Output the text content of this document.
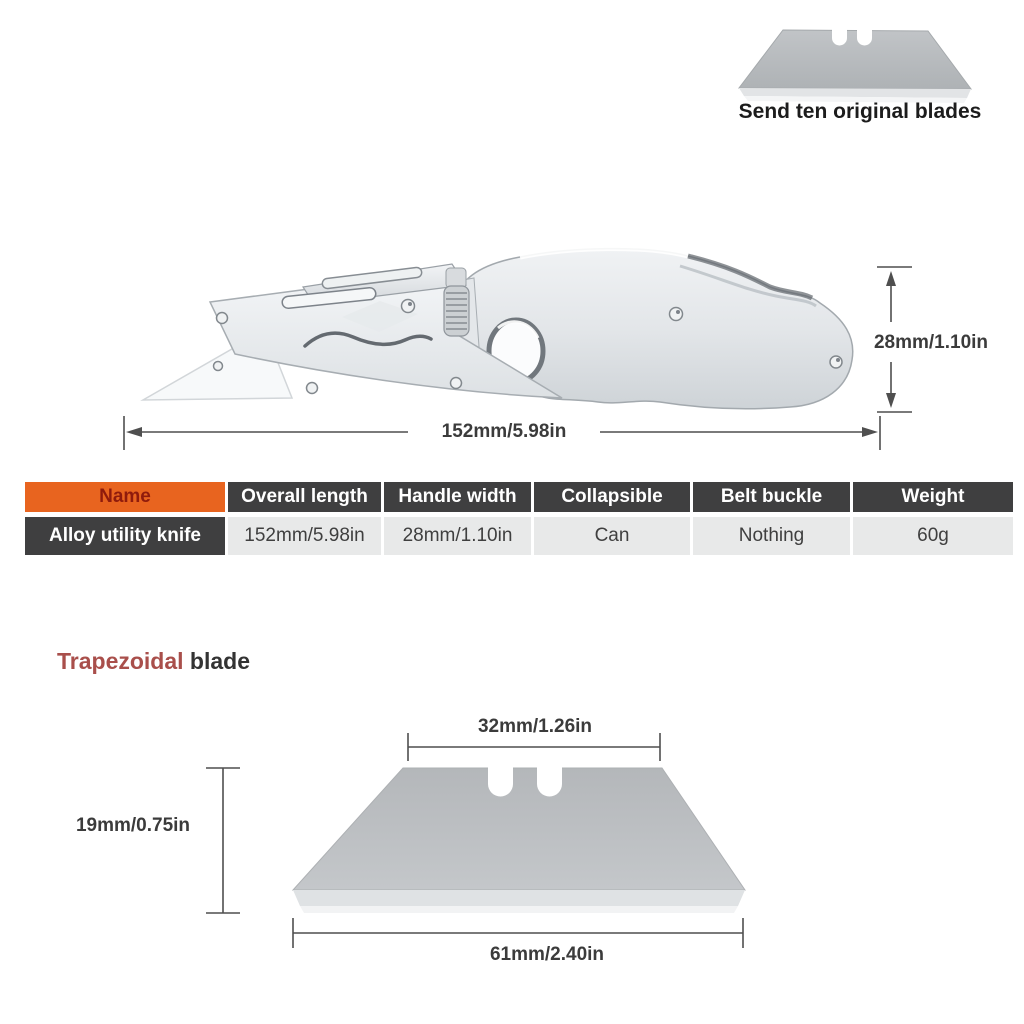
Send ten original blades
152mm/5.98in
28mm/1.10in
Name	Overall length	Handle width	Collapsible	Belt buckle	Weight
Alloy utility knife	152mm/5.98in	28mm/1.10in	Can	Nothing	60g
Trapezoidal blade
32mm/1.26in
19mm/0.75in
61mm/2.40in
